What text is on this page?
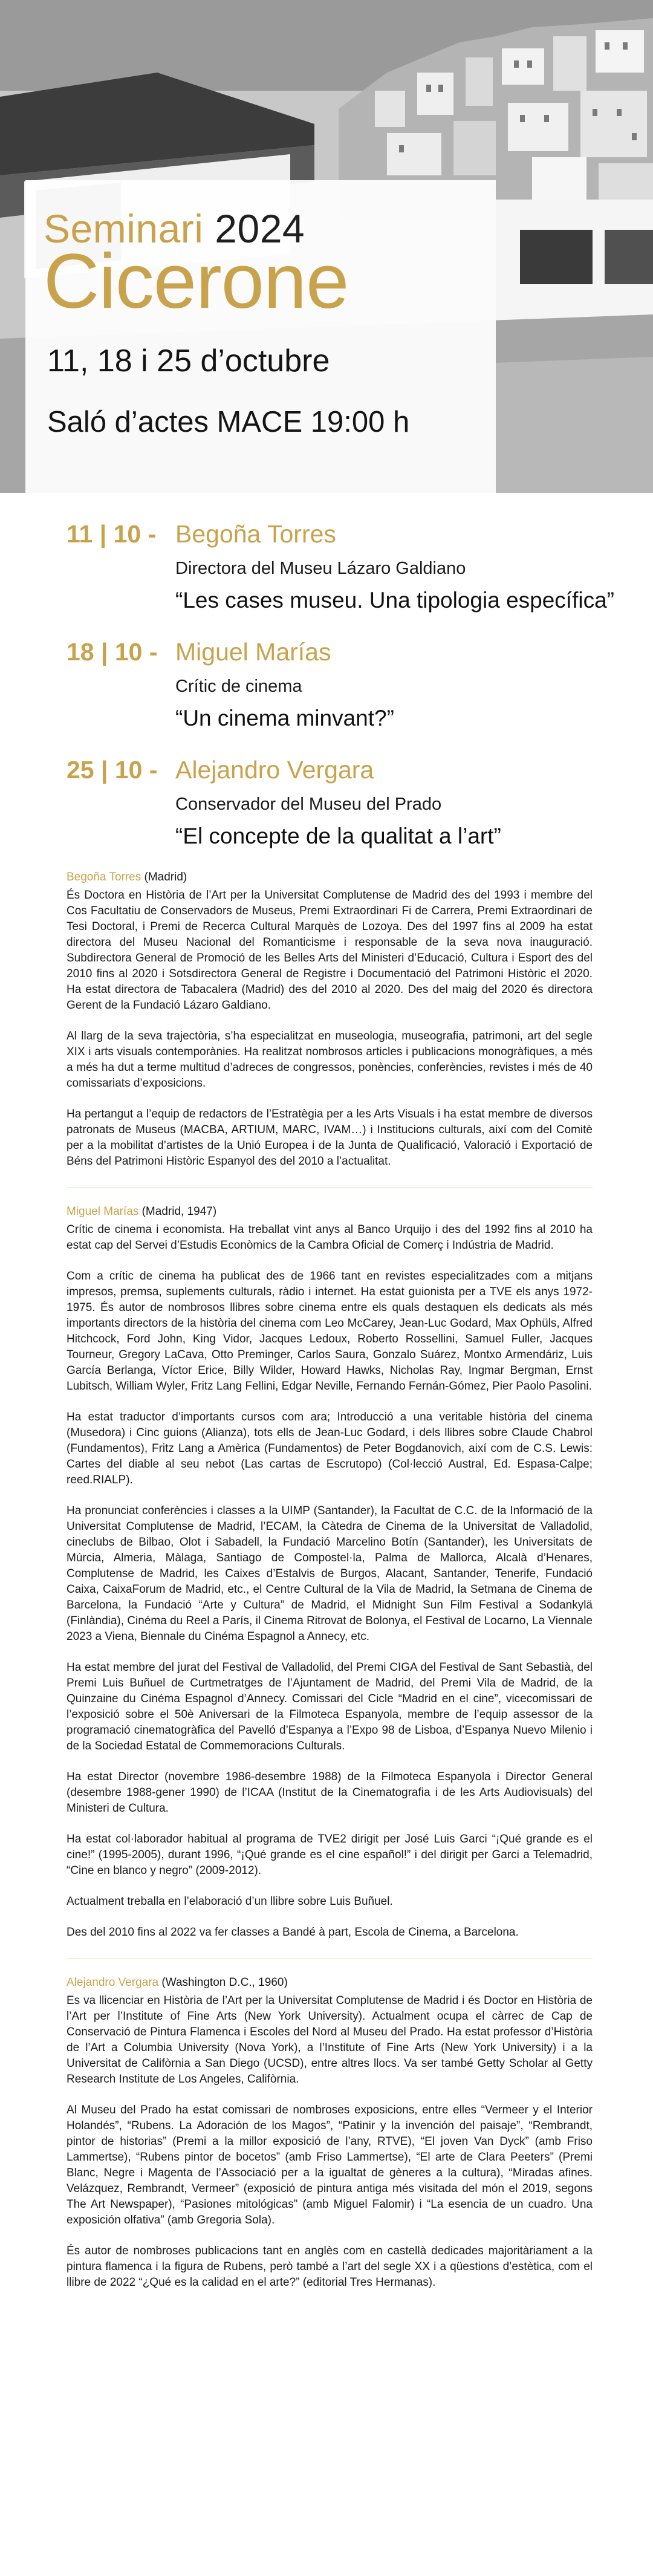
Seminari 2024
Cicerone
11, 18 i 25 d’octubre
Saló d’actes MACE 19:00 h
11 | 10 - Begoña Torres
Directora del Museu Lázaro Galdiano
“Les cases museu. Una tipologia específica”
18 | 10 - Miguel Marías
Crític de cinema
“Un cinema minvant?”
25 | 10 - Alejandro Vergara
Conservador del Museu del Prado
“El concepte de la qualitat a l’art”
Begoña Torres (Madrid)

És Doctora en Història de l’Art per la Universitat Complutense de Madrid des del 1993 i membre del Cos Facultatiu de Conservadors de Museus, Premi Extraordinari Fi de Carrera, Premi Extraordinari de Tesi Doctoral, i Premi de Recerca Cultural Marquès de Lozoya. Des del 1997 fins al 2009 ha estat directora del Museu Nacional del Romanticisme i responsable de la seva nova inauguració. Subdirectora General de Promoció de les Belles Arts del Ministeri d’Educació, Cultura i Esport des del 2010 fins al 2020 i Sotsdirectora General de Registre i Documentació del Patrimoni Històric el 2020. Ha estat directora de Tabacalera (Madrid) des del 2010 al 2020. Des del maig del 2020 és directora Gerent de la Fundació Lázaro Galdiano.

Al llarg de la seva trajectòria, s’ha especialitzat en museologia, museografia, patrimoni, art del segle XIX i arts visuals contemporànies. Ha realitzat nombrosos articles i publicacions monogràfiques, a més a més ha dut a terme multitud d’adreces de congressos, ponències, conferències, revistes i més de 40 comissariats d’exposicions.

Ha pertangut a l’equip de redactors de l’Estratègia per a les Arts Visuals i ha estat membre de diversos patronats de Museus (MACBA, ARTIUM, MARC, IVAM…) i Institucions culturals, així com del Comitè per a la mobilitat d’artistes de la Unió Europea i de la Junta de Qualificació, Valoració i Exportació de Béns del Patrimoni Històric Espanyol des del 2010 a l’actualitat.

Miguel Marías (Madrid, 1947)

Crític de cinema i economista. Ha treballat vint anys al Banco Urquijo i des del 1992 fins al 2010 ha estat cap del Servei d’Estudis Econòmics de la Cambra Oficial de Comerç i Indústria de Madrid.

Com a crític de cinema ha publicat des de 1966 tant en revistes especialitzades com a mitjans impresos, premsa, suplements culturals, ràdio i internet. Ha estat guionista per a TVE els anys 1972-1975. És autor de nombrosos llibres sobre cinema entre els quals destaquen els dedicats als més importants directors de la història del cinema com Leo McCarey, Jean-Luc Godard, Max Ophüls, Alfred Hitchcock, Ford John, King Vidor, Jacques Ledoux, Roberto Rossellini, Samuel Fuller, Jacques Tourneur, Gregory LaCava, Otto Preminger, Carlos Saura, Gonzalo Suárez, Montxo Armendáriz, Luis García Berlanga, Víctor Erice, Billy Wilder, Howard Hawks, Nicholas Ray, Ingmar Bergman, Ernst Lubitsch, William Wyler, Fritz Lang Fellini, Edgar Neville, Fernando Fernán-Gómez, Pier Paolo Pasolini.

Ha estat traductor d’importants cursos com ara; Introducció a una veritable història del cinema (Musedora) i Cinc guions (Alianza), tots ells de Jean-Luc Godard, i dels llibres sobre Claude Chabrol (Fundamentos), Fritz Lang a Amèrica (Fundamentos) de Peter Bogdanovich, així com de C.S. Lewis: Cartes del diable al seu nebot (Las cartas de Escrutopo) (Col·lecció Austral, Ed. Espasa-Calpe; reed.RIALP).

Ha pronunciat conferències i classes a la UIMP (Santander), la Facultat de C.C. de la Informació de la Universitat Complutense de Madrid, l’ECAM, la Càtedra de Cinema de la Universitat de Valladolid, cineclubs de Bilbao, Olot i Sabadell, la Fundació Marcelino Botín (Santander), les Universitats de Múrcia, Almeria, Màlaga, Santiago de Compostel·la, Palma de Mallorca, Alcalà d’Henares, Complutense de Madrid, les Caixes d’Estalvis de Burgos, Alacant, Santander, Tenerife, Fundació Caixa, CaixaForum de Madrid, etc., el Centre Cultural de la Vila de Madrid, la Setmana de Cinema de Barcelona, la Fundació “Arte y Cultura” de Madrid, el Midnight Sun Film Festival a Sodankylä (Finlàndia), Cinéma du Reel a París, il Cinema Ritrovat de Bolonya, el Festival de Locarno, La Viennale 2023 a Viena, Biennale du Cinéma Espagnol a Annecy, etc.

Ha estat membre del jurat del Festival de Valladolid, del Premi CIGA del Festival de Sant Sebastià, del Premi Luis Buñuel de Curtmetratges de l’Ajuntament de Madrid, del Premi Vila de Madrid, de la Quinzaine du Cinéma Espagnol d’Annecy. Comissari del Cicle “Madrid en el cine”, vicecomissari de l’exposició sobre el 50è Aniversari de la Filmoteca Espanyola, membre de l’equip assessor de la programació cinematogràfica del Pavelló d’Espanya a l’Expo 98 de Lisboa, d’Espanya Nuevo Milenio i de la Sociedad Estatal de Commemoracions Culturals.

Ha estat Director (novembre 1986-desembre 1988) de la Filmoteca Espanyola i Director General (desembre 1988-gener 1990) de l’ICAA (Institut de la Cinematografia i de les Arts Audiovisuals) del Ministeri de Cultura.

Ha estat col·laborador habitual al programa de TVE2 dirigit per José Luis Garci “¡Qué grande es el cine!” (1995-2005), durant 1996, “¡Qué grande es el cine español!” i del dirigit per Garci a Telemadrid, “Cine en blanco y negro” (2009-2012).

Actualment treballa en l’elaboració d’un llibre sobre Luis Buñuel.

Des del 2010 fins al 2022 va fer classes a Bandé à part, Escola de Cinema, a Barcelona.

Alejandro Vergara (Washington D.C., 1960)

Es va llicenciar en Història de l’Art per la Universitat Complutense de Madrid i és Doctor en Història de l’Art per l’Institute of Fine Arts (New York University). Actualment ocupa el càrrec de Cap de Conservació de Pintura Flamenca i Escoles del Nord al Museu del Prado. Ha estat professor d’Història de l’Art a Columbia University (Nova York), a l’Institute of Fine Arts (New York University) i a la Universitat de Califòrnia a San Diego (UCSD), entre altres llocs. Va ser també Getty Scholar al Getty Research Institute de Los Angeles, Califòrnia.

Al Museu del Prado ha estat comissari de nombroses exposicions, entre elles “Vermeer y el Interior Holandés”, “Rubens. La Adoración de los Magos”, “Patinir y la invención del paisaje”, “Rembrandt, pintor de historias” (Premi a la millor exposició de l’any, RTVE), “El joven Van Dyck” (amb Friso Lammertse), “Rubens pintor de bocetos” (amb Friso Lammertse), “El arte de Clara Peeters” (Premi Blanc, Negre i Magenta de l’Associació per a la igualtat de gèneres a la cultura), “Miradas afines. Velázquez, Rembrandt, Vermeer” (exposició de pintura antiga més visitada del món el 2019, segons The Art Newspaper), “Pasiones mitológicas” (amb Miguel Falomir) i “La esencia de un cuadro. Una exposición olfativa” (amb Gregoria Sola).

És autor de nombroses publicacions tant en anglès com en castellà dedicades majoritàriament a la pintura flamenca i la figura de Rubens, però també a l’art del segle XX i a qüestions d’estètica, com el llibre de 2022 “¿Qué es la calidad en el arte?” (editorial Tres Hermanas).
